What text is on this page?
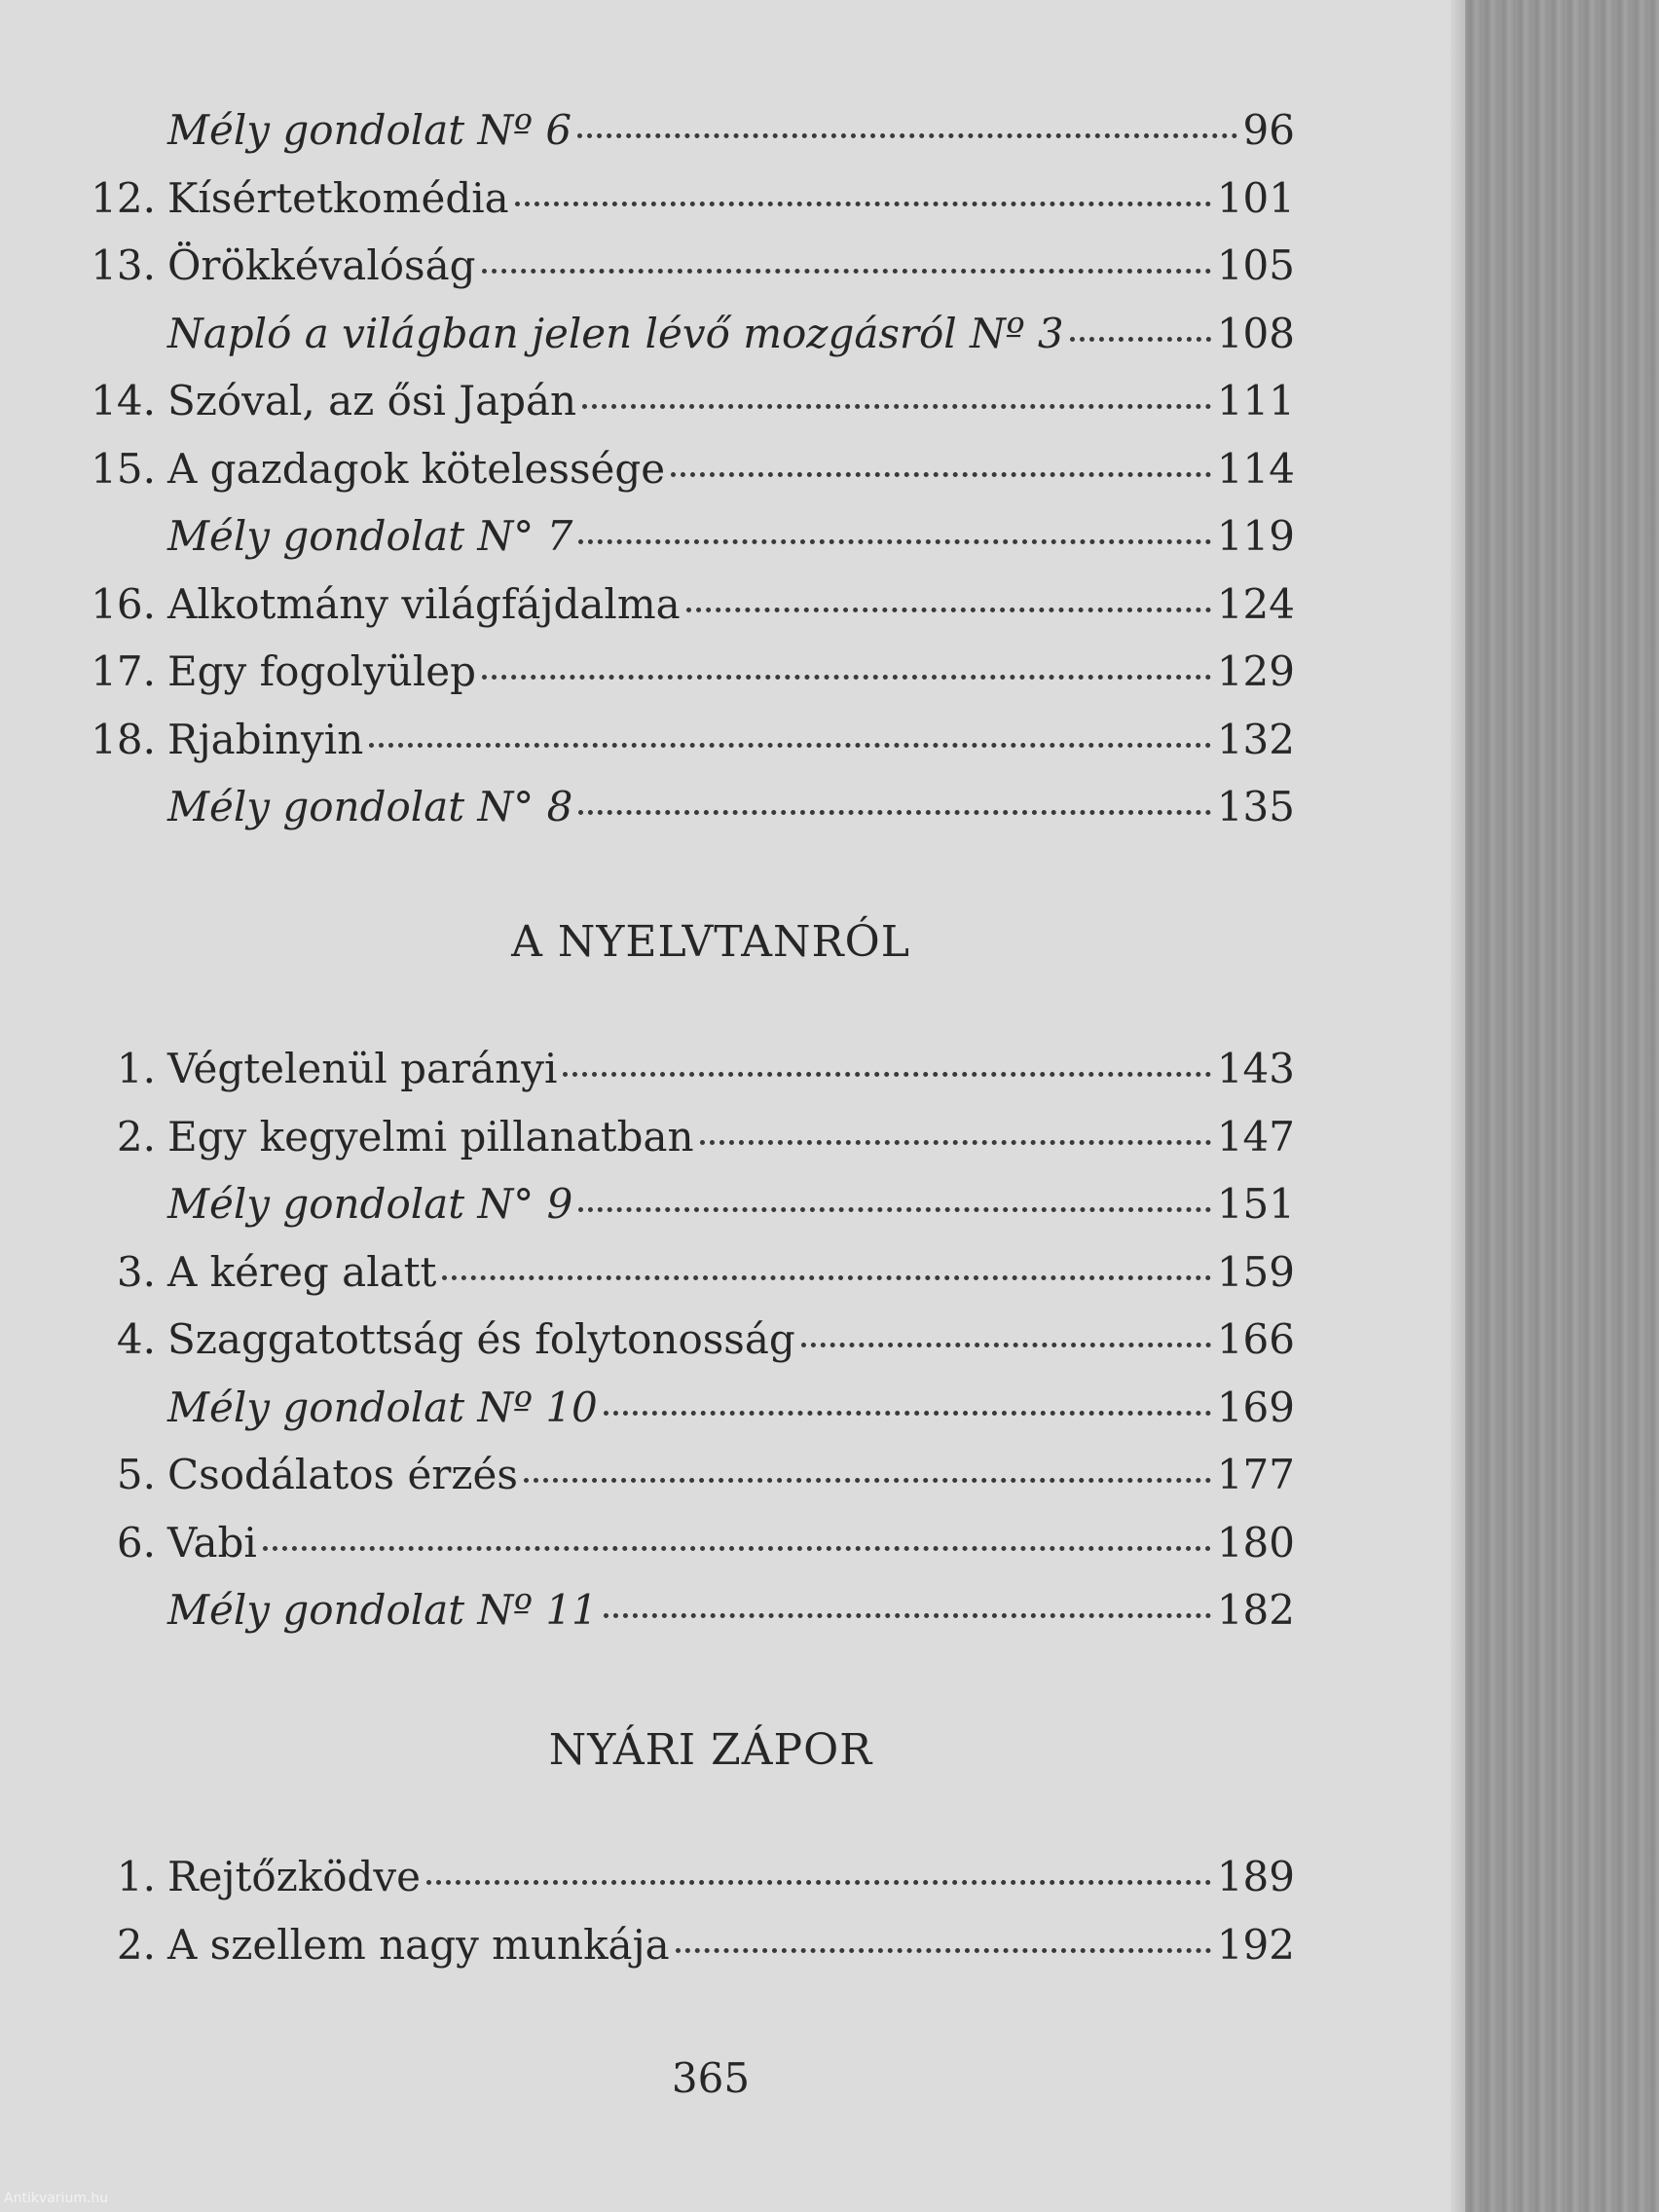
Mély gondolat Nº 6	96
12. Kísértetkomédia	101
13. Örökkévalóság	105
Napló a világban jelen lévő mozgásról Nº 3	108
14. Szóval, az ősi Japán	111
15. A gazdagok kötelessége	114
Mély gondolat N° 7	119
16. Alkotmány világfájdalma	124
17. Egy fogolyülep	129
18. Rjabinyin	132
Mély gondolat N° 8	135
A NYELVTANRÓL
1. Végtelenül parányi	143
2. Egy kegyelmi pillanatban	147
Mély gondolat N° 9	151
3. A kéreg alatt	159
4. Szaggatottság és folytonosság	166
Mély gondolat Nº 10	169
5. Csodálatos érzés	177
6. Vabi	180
Mély gondolat Nº 11	182
NYÁRI ZÁPOR
1. Rejtőzködve	189
2. A szellem nagy munkája	192
365
Antikvarium.hu
